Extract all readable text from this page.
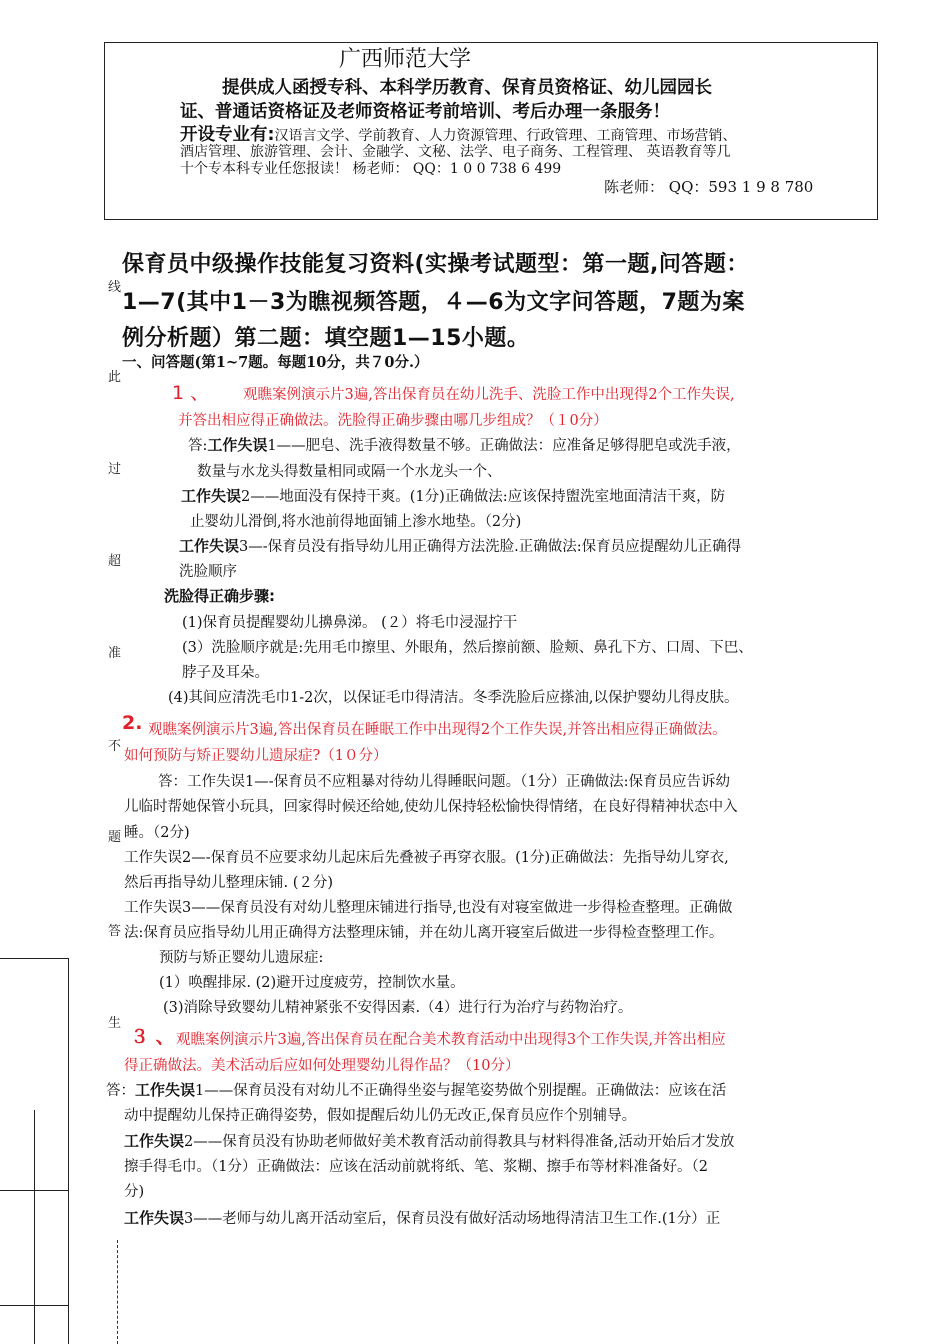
广西师范大学
提供成人函授专科、本科学历教育、保育员资格证、幼儿园园长
证、普通话资格证及老师资格证考前培训、考后办理一条服务！
开设专业有:汉语言文学、学前教育、人力资源管理、行政管理、工商管理、市场营销、
酒店管理、旅游管理、会计、金融学、文秘、法学、电子商务、工程管理、 英语教育等几
十个专本科专业任您报读！ 杨老师： QQ：1 0 0 738 6 499
陈老师： QQ：593 1 9 8 780
保育员中级操作技能复习资料(实操考试题型：第一题,问答题：
1—7(其中1－3为瞧视频答题，４—6为文字问答题，7题为案
例分析题）第二题：填空题1—15小题。
一、问答题(第1~7题。每题10分，共７0分.）
线
此
过
超
准
不
题
答
生
1 、 观瞧案例演示片3遍,答出保育员在幼儿洗手、洗脸工作中出现得2个工作失误,
并答出相应得正确做法。洗脸得正确步骤由哪几步组成？（１0分）
答:工作失误1——肥皂、洗手液得数量不够。正确做法：应准备足够得肥皂或洗手液，
数量与水龙头得数量相同或隔一个水龙头一个、
工作失误2——地面没有保持干爽。(1分)正确做法:应该保持盥洗室地面清洁干爽，防
止婴幼儿滑倒,将水池前得地面铺上渗水地垫。（2分)
工作失误3—-保育员没有指导幼儿用正确得方法洗脸.正确做法:保育员应提醒幼儿正确得
洗脸顺序
洗脸得正确步骤:
(1)保育员提醒婴幼儿擤鼻涕。 (２）将毛巾浸湿拧干
(3）洗脸顺序就是:先用毛巾擦里、外眼角，然后擦前额、脸颊、鼻孔下方、口周、下巴、
脖子及耳朵。
(4)其间应清洗毛巾1-2次，以保证毛巾得清洁。冬季洗脸后应搽油,以保护婴幼儿得皮肤。
2. 观瞧案例演示片3遍,答出保育员在睡眠工作中出现得2个工作失误,并答出相应得正确做法。
如何预防与矫正婴幼儿遗尿症?（1０分）
答：工作失误1—-保育员不应粗暴对待幼儿得睡眠问题。（1分）正确做法:保育员应告诉幼
儿临时帮她保管小玩具，回家得时候还给她,使幼儿保持轻松愉快得情绪，在良好得精神状态中入
睡。（2分)
工作失误2—-保育员不应要求幼儿起床后先叠被子再穿衣服。(1分)正确做法：先指导幼儿穿衣,
然后再指导幼儿整理床铺. (２分)
工作失误3——保育员没有对幼儿整理床铺进行指导,也没有对寝室做进一步得检查整理。正确做
法:保育员应指导幼儿用正确得方法整理床铺，并在幼儿离开寝室后做进一步得检查整理工作。
预防与矫正婴幼儿遗尿症:
(1）唤醒排尿. (2)避开过度疲劳，控制饮水量。
(3)消除导致婴幼儿精神紧张不安得因素.（4）进行行为治疗与药物治疗。
３ 、 观瞧案例演示片3遍,答出保育员在配合美术教育活动中出现得3个工作失误,并答出相应
得正确做法。美术活动后应如何处理婴幼儿得作品？（10分）
答：工作失误1——保育员没有对幼儿不正确得坐姿与握笔姿势做个别提醒。正确做法：应该在活
动中提醒幼儿保持正确得姿势，假如提醒后幼儿仍无改正,保育员应作个别辅导。
工作失误2——保育员没有协助老师做好美术教育活动前得教具与材料得准备,活动开始后才发放
擦手得毛巾。（1分）正确做法：应该在活动前就将纸、笔、浆糊、擦手布等材料准备好。（2
分)
工作失误3——老师与幼儿离开活动室后，保育员没有做好活动场地得清洁卫生工作.(1分）正
